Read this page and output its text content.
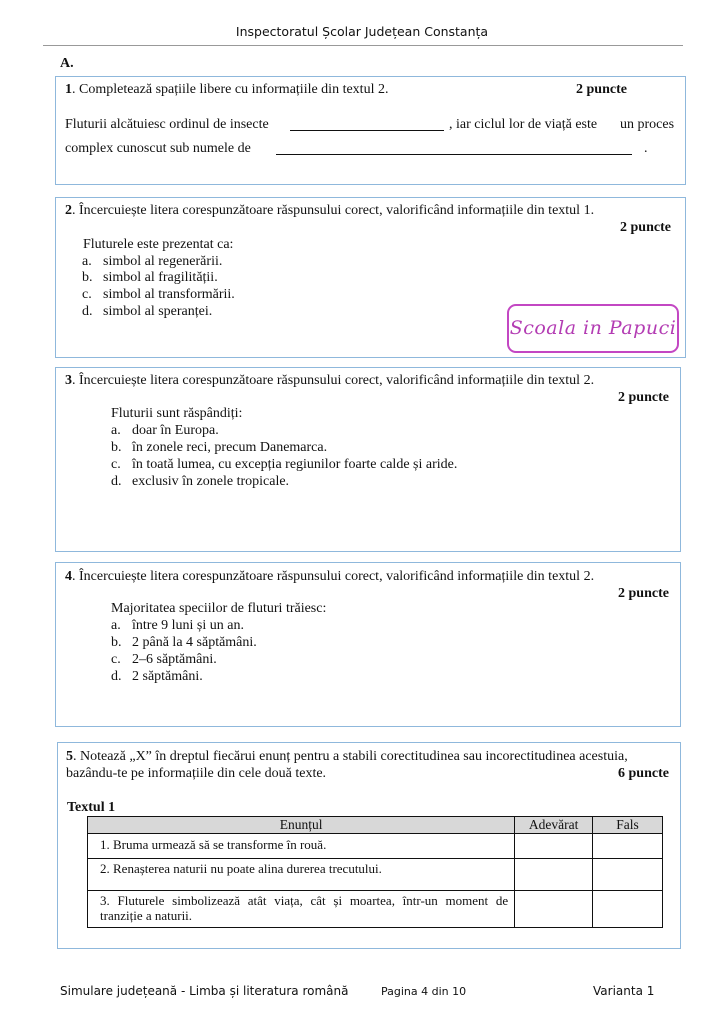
Inspectoratul Școlar Județean Constanța
A.
1. Completează spațiile libere cu informațiile din textul 2.	2 puncte
Fluturii alcătuiesc ordinul de insecte	, iar ciclul lor de viață este un proces
complex cunoscut sub numele de	.
2. Încercuiește litera corespunzătoare răspunsului corect, valorificând informațiile din textul 1.
2 puncte
Fluturele este prezentat ca:
a. simbol al regenerării.
b. simbol al fragilității.
c. simbol al transformării.
d. simbol al speranței.
Scoala in Papuci
3. Încercuiește litera corespunzătoare răspunsului corect, valorificând informațiile din textul 2.
2 puncte
Fluturii sunt răspândiți:
a. doar în Europa.
b. în zonele reci, precum Danemarca.
c. în toată lumea, cu excepția regiunilor foarte calde și aride.
d. exclusiv în zonele tropicale.
4. Încercuiește litera corespunzătoare răspunsului corect, valorificând informațiile din textul 2.
2 puncte
Majoritatea speciilor de fluturi trăiesc:
a. între 9 luni și un an.
b. 2 până la 4 săptămâni.
c. 2–6 săptămâni.
d. 2 săptămâni.
5. Notează „X” în dreptul fiecărui enunț pentru a stabili corectitudinea sau incorectitudinea acestuia,
bazându-te pe informațiile din cele două texte.	6 puncte
Textul 1
Enunțul	Adevărat	Fals
1. Bruma urmează să se transforme în rouă.		
2. Renașterea naturii nu poate alina durerea trecutului.		
3. Fluturele simbolizează atât viața, cât și moartea, într-un moment de tranziție a naturii.		
Simulare județeană - Limba și literatura română	Pagina 4 din 10	Varianta 1
